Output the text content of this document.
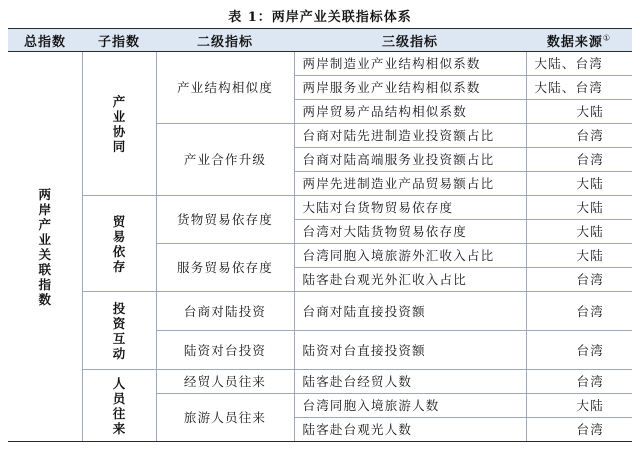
表 1：两岸产业关联指标体系
总指数	子指数	二级指标	三级指标	数据来源①
两岸产业关联指数	产业协同	产业结构相似度	两岸制造业产业结构相似系数	大陆、台湾
			两岸服务业产业结构相似系数	大陆、台湾
			两岸贸易产品结构相似系数	大陆
		产业合作升级	台商对陆先进制造业投资额占比	台湾
			台商对陆高端服务业投资额占比	台湾
			两岸先进制造业产品贸易额占比	大陆
	贸易依存	货物贸易依存度	大陆对台货物贸易依存度	大陆
			台湾对大陆货物贸易依存度	大陆
		服务贸易依存度	台湾同胞入境旅游外汇收入占比	大陆
			陆客赴台观光外汇收入占比	台湾
	投资互动	台商对陆投资	台商对陆直接投资额	台湾
		陆资对台投资	陆资对台直接投资额	台湾
	人员往来	经贸人员往来	陆客赴台经贸人数	台湾
		旅游人员往来	台湾同胞入境旅游人数	大陆
			陆客赴台观光人数	台湾
